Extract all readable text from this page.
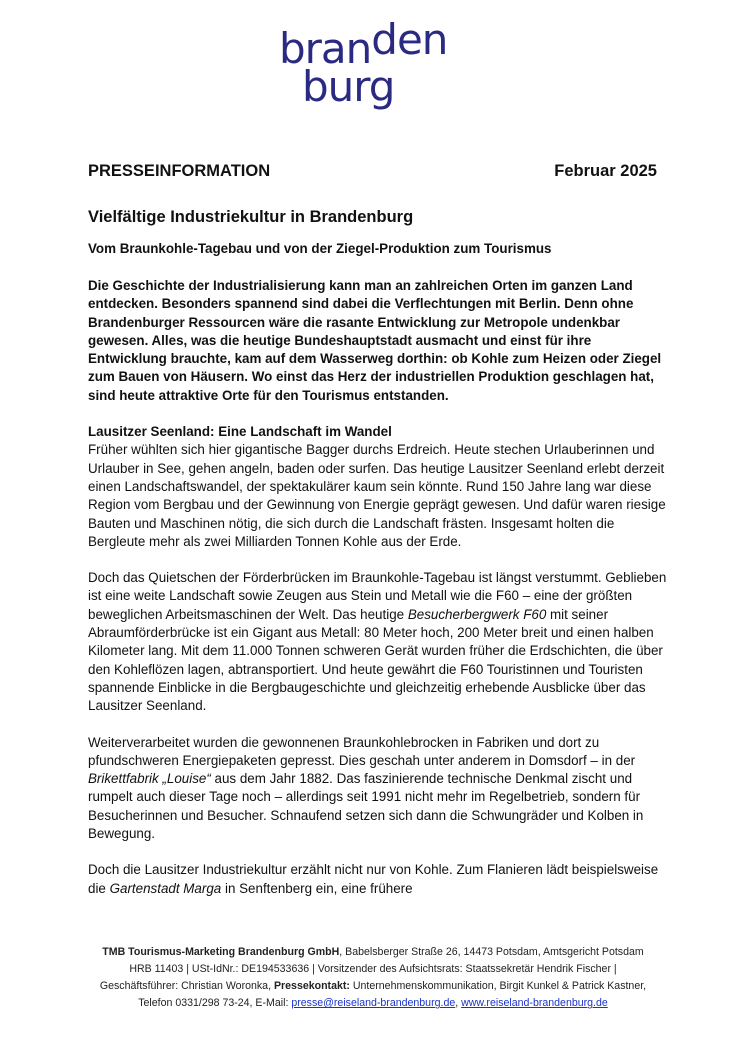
branden
burg
PRESSEINFORMATION	Februar 2025
Vielfältige Industriekultur in Brandenburg
Vom Braunkohle-Tagebau und von der Ziegel-Produktion zum Tourismus

Die Geschichte der Industrialisierung kann man an zahlreichen Orten im ganzen Land entdecken. Besonders spannend sind dabei die Verflechtungen mit Berlin. Denn ohne Brandenburger Ressourcen wäre die rasante Entwicklung zur Metropole undenkbar gewesen. Alles, was die heutige Bundeshauptstadt ausmacht und einst für ihre Entwicklung brauchte, kam auf dem Wasserweg dorthin: ob Kohle zum Heizen oder Ziegel zum Bauen von Häusern. Wo einst das Herz der industriellen Produktion geschlagen hat, sind heute attraktive Orte für den Tourismus entstanden.

Lausitzer Seenland: Eine Landschaft im Wandel
Früher wühlten sich hier gigantische Bagger durchs Erdreich. Heute stechen Urlauberinnen und Urlauber in See, gehen angeln, baden oder surfen. Das heutige Lausitzer Seenland erlebt derzeit einen Landschaftswandel, der spektakulärer kaum sein könnte. Rund 150 Jahre lang war diese Region vom Bergbau und der Gewinnung von Energie geprägt gewesen. Und dafür waren riesige Bauten und Maschinen nötig, die sich durch die Landschaft frästen. Insgesamt holten die Bergleute mehr als zwei Milliarden Tonnen Kohle aus der Erde.

Doch das Quietschen der Förderbrücken im Braunkohle-Tagebau ist längst verstummt. Geblieben ist eine weite Landschaft sowie Zeugen aus Stein und Metall wie die F60 – eine der größten beweglichen Arbeitsmaschinen der Welt. Das heutige Besucherbergwerk F60 mit seiner Abraumförderbrücke ist ein Gigant aus Metall: 80 Meter hoch, 200 Meter breit und einen halben Kilometer lang. Mit dem 11.000 Tonnen schweren Gerät wurden früher die Erdschichten, die über den Kohleflözen lagen, abtransportiert. Und heute gewährt die F60 Touristinnen und Touristen spannende Einblicke in die Bergbaugeschichte und gleichzeitig erhebende Ausblicke über das Lausitzer Seenland.

Weiterverarbeitet wurden die gewonnenen Braunkohlebrocken in Fabriken und dort zu pfundschweren Energiepaketen gepresst. Dies geschah unter anderem in Domsdorf – in der Brikettfabrik „Louise“ aus dem Jahr 1882. Das faszinierende technische Denkmal zischt und rumpelt auch dieser Tage noch – allerdings seit 1991 nicht mehr im Regelbetrieb, sondern für Besucherinnen und Besucher. Schnaufend setzen sich dann die Schwungräder und Kolben in Bewegung.

Doch die Lausitzer Industriekultur erzählt nicht nur von Kohle. Zum Flanieren lädt beispielsweise die Gartenstadt Marga in Senftenberg ein, eine frühere

TMB Tourismus-Marketing Brandenburg GmbH, Babelsberger Straße 26, 14473 Potsdam, Amtsgericht Potsdam HRB 11403 | USt-IdNr.: DE194533636 | Vorsitzender des Aufsichtsrats: Staatssekretär Hendrik Fischer | Geschäftsführer: Christian Woronka, Pressekontakt: Unternehmenskommunikation, Birgit Kunkel & Patrick Kastner, Telefon 0331/298 73-24, E-Mail: presse@reiseland-brandenburg.de, www.reiseland-brandenburg.de
